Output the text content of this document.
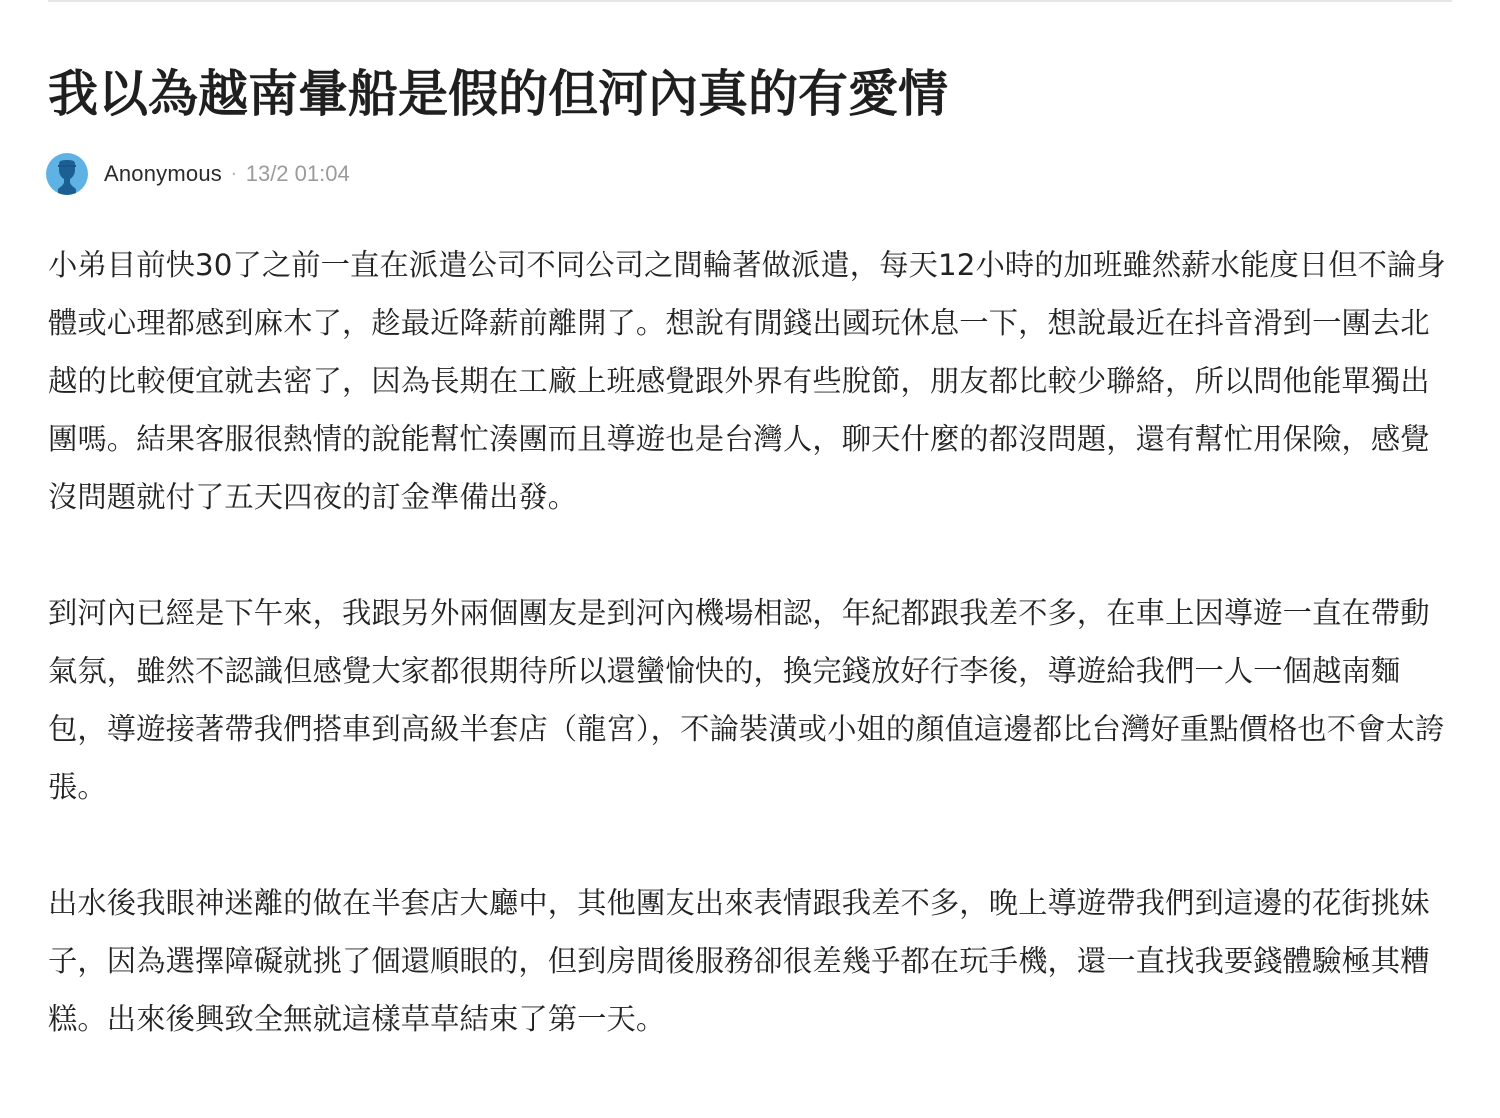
我以為越南暈船是假的但河內真的有愛情
Anonymous · 13/2 01:04

小弟目前快30了之前一直在派遣公司不同公司之間輪著做派遣，每天12小時的加班雖然薪水能度日但不論身體或心理都感到麻木了，趁最近降薪前離開了。想說有閒錢出國玩休息一下，想說最近在抖音滑到一團去北越的比較便宜就去密了，因為長期在工廠上班感覺跟外界有些脫節，朋友都比較少聯絡，所以問他能單獨出團嗎。結果客服很熱情的說能幫忙湊團而且導遊也是台灣人，聊天什麼的都沒問題，還有幫忙用保險，感覺沒問題就付了五天四夜的訂金準備出發。

到河內已經是下午來，我跟另外兩個團友是到河內機場相認，年紀都跟我差不多，在車上因導遊一直在帶動氣氛，雖然不認識但感覺大家都很期待所以還蠻愉快的，換完錢放好行李後，導遊給我們一人一個越南麵包，導遊接著帶我們搭車到高級半套店（龍宮），不論裝潢或小姐的顏值這邊都比台灣好重點價格也不會太誇張。

出水後我眼神迷離的做在半套店大廳中，其他團友出來表情跟我差不多，晚上導遊帶我們到這邊的花街挑妹子，因為選擇障礙就挑了個還順眼的，但到房間後服務卻很差幾乎都在玩手機，還一直找我要錢體驗極其糟糕。出來後興致全無就這樣草草結束了第一天。
